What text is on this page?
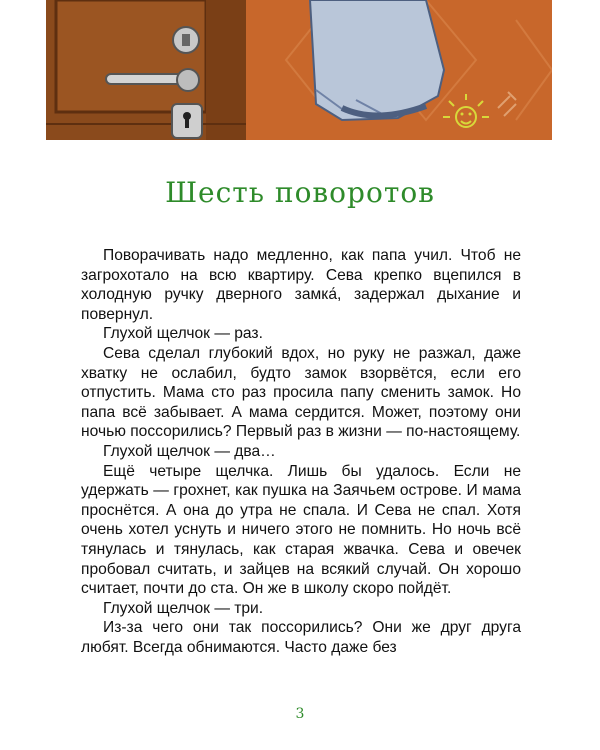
Шесть поворотов

Поворачивать надо медленно, как папа учил. Чтоб не загрохотало на всю квартиру. Сева крепко вцепился в холодную ручку дверного замка́, задержал дыхание и повернул.

Глухой щелчок — раз.

Сева сделал глубокий вдох, но руку не разжал, даже хватку не ослабил, будто замок взорвётся, если его отпустить. Мама сто раз просила папу сменить замок. Но папа всё забывает. А мама сердится. Может, поэтому они ночью поссорились? Первый раз в жизни — по-настоящему.

Глухой щелчок — два…

Ещё четыре щелчка. Лишь бы удалось. Если не удержать — грохнет, как пушка на Заячьем острове. И мама проснётся. А она до утра не спала. И Сева не спал. Хотя очень хотел уснуть и ничего этого не помнить. Но ночь всё тянулась и тянулась, как старая жвачка. Сева и овечек пробовал считать, и зайцев на всякий случай. Он хорошо считает, почти до ста. Он же в школу скоро пойдёт.

Глухой щелчок — три.

Из-за чего они так поссорились? Они же друг друга любят. Всегда обнимаются. Часто даже без

3
